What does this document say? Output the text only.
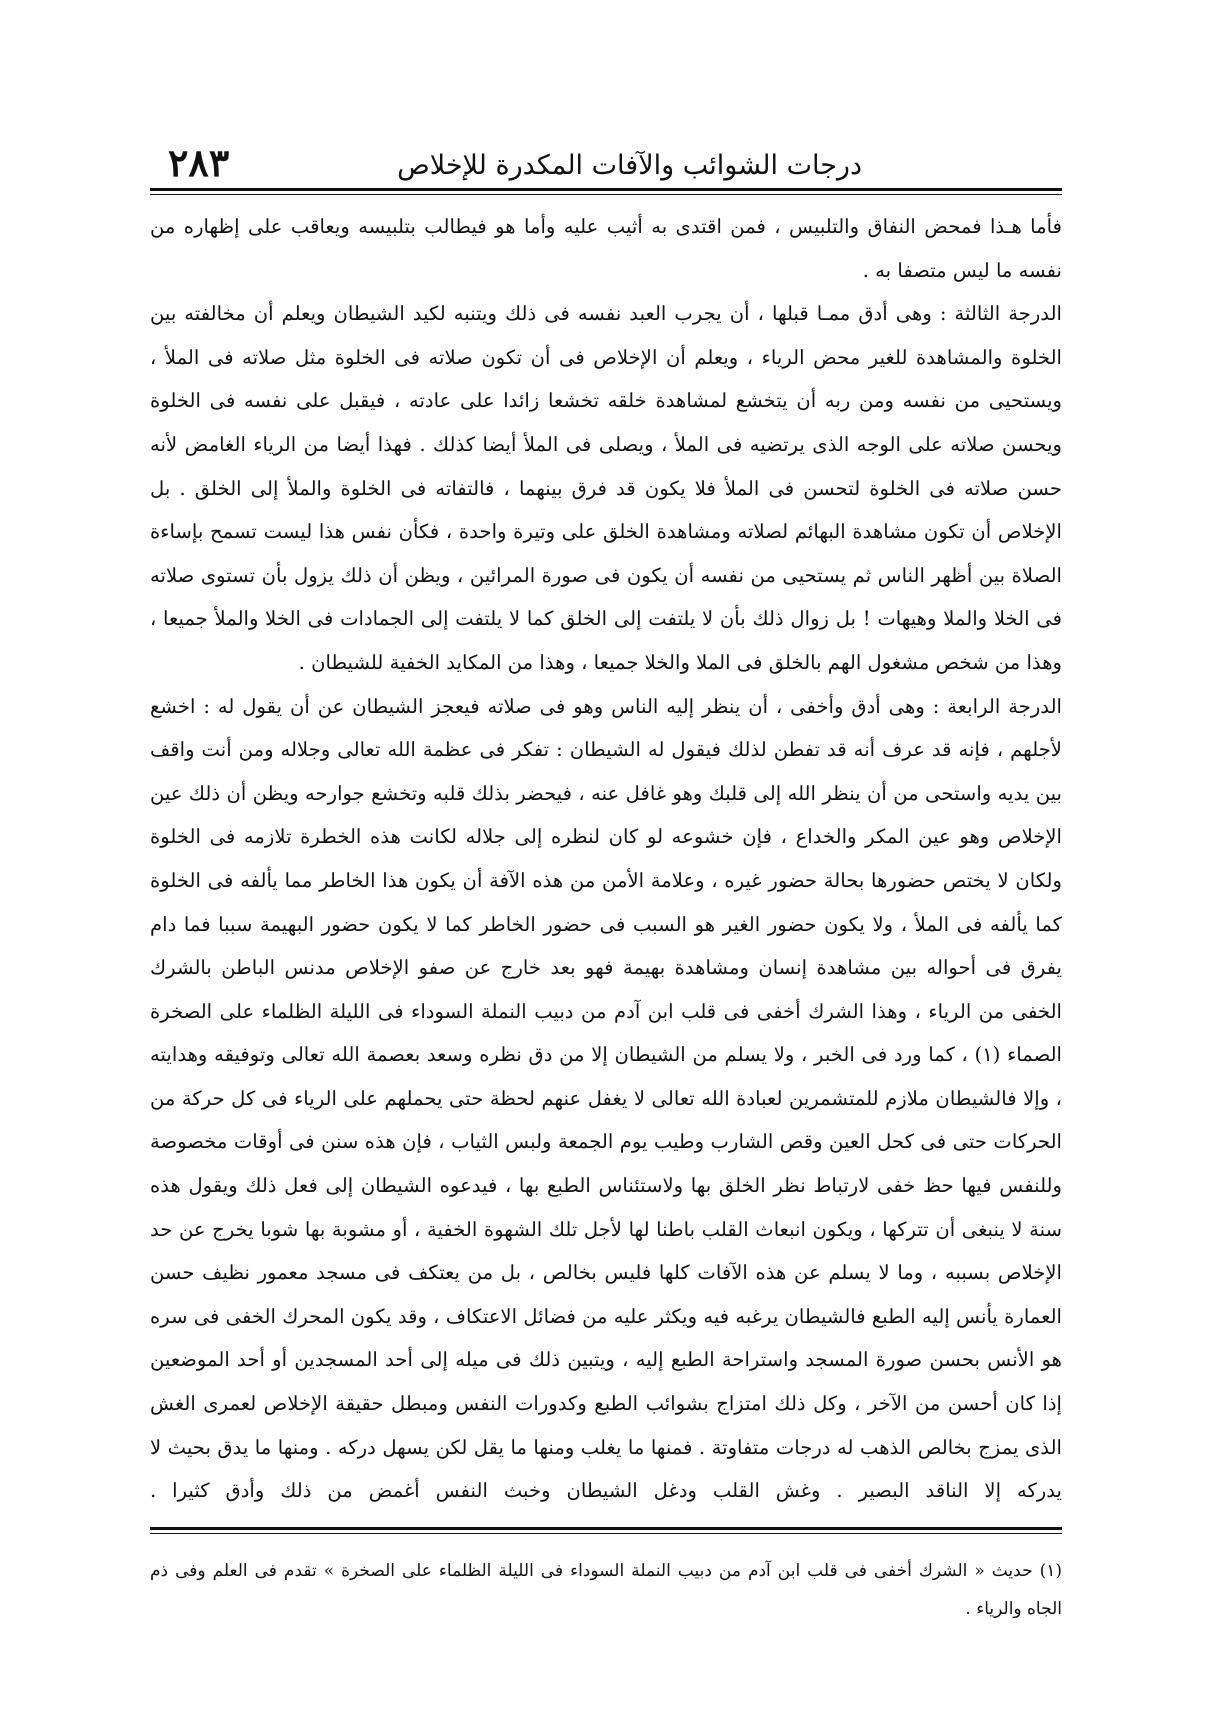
درجات الشوائب والآفات المكدرة للإخلاص
٢٨٣

فأما هـذا فمحض النفاق والتلبيس ، فمن اقتدى به أثيب عليه وأما هو فيطالب بتلبيسه ويعاقب على إظهاره من نفسه ما ليس متصفا به .

الدرجة الثالثة : وهى أدق ممـا قبلها ، أن يجرب العبد نفسه فى ذلك ويتنبه لكيد الشيطان ويعلم أن مخالفته بين الخلوة والمشاهدة للغير محض الرياء ، ويعلم أن الإخلاص فى أن تكون صلاته فى الخلوة مثل صلاته فى الملأ ، ويستحيى من نفسه ومن ربه أن يتخشع لمشاهدة خلقه تخشعا زائدا على عادته ، فيقبل على نفسه فى الخلوة ويحسن صلاته على الوجه الذى يرتضيه فى الملأ ، ويصلى فى الملأ أيضا كذلك . فهذا أيضا من الرياء الغامض لأنه حسن صلاته فى الخلوة لتحسن فى الملأ فلا يكون قد فرق بينهما ، فالتفاته فى الخلوة والملأ إلى الخلق . بل الإخلاص أن تكون مشاهدة البهائم لصلاته ومشاهدة الخلق على وتيرة واحدة ، فكأن نفس هذا ليست تسمح بإساءة الصلاة بين أظهر الناس ثم يستحيى من نفسه أن يكون فى صورة المرائين ، ويظن أن ذلك يزول بأن تستوى صلاته فى الخلا والملا وهيهات ! بل زوال ذلك بأن لا يلتفت إلى الخلق كما لا يلتفت إلى الجمادات فى الخلا والملأ جميعا ، وهذا من شخص مشغول الهم بالخلق فى الملا والخلا جميعا ، وهذا من المكايد الخفية للشيطان .

الدرجة الرابعة : وهى أدق وأخفى ، أن ينظر إليه الناس وهو فى صلاته فيعجز الشيطان عن أن يقول له : اخشع لأجلهم ، فإنه قد عرف أنه قد تفطن لذلك فيقول له الشيطان : تفكر فى عظمة الله تعالى وجلاله ومن أنت واقف بين يديه واستحى من أن ينظر الله إلى قلبك وهو غافل عنه ، فيحضر بذلك قلبه وتخشع جوارحه ويظن أن ذلك عين الإخلاص وهو عين المكر والخداع ، فإن خشوعه لو كان لنظره إلى جلاله لكانت هذه الخطرة تلازمه فى الخلوة ولكان لا يختص حضورها بحالة حضور غيره ، وعلامة الأمن من هذه الآفة أن يكون هذا الخاطر مما يألفه فى الخلوة كما يألفه فى الملأ ، ولا يكون حضور الغير هو السبب فى حضور الخاطر كما لا يكون حضور البهيمة سببا فما دام يفرق فى أحواله بين مشاهدة إنسان ومشاهدة بهيمة فهو بعد خارج عن صفو الإخلاص مدنس الباطن بالشرك الخفى من الرياء ، وهذا الشرك أخفى فى قلب ابن آدم من دبيب النملة السوداء فى الليلة الظلماء على الصخرة الصماء (١) ، كما ورد فى الخبر ، ولا يسلم من الشيطان إلا من دق نظره وسعد بعصمة الله تعالى وتوفيقه وهدايته ، وإلا فالشيطان ملازم للمتشمرين لعبادة الله تعالى لا يغفل عنهم لحظة حتى يحملهم على الرياء فى كل حركة من الحركات حتى فى كحل العين وقص الشارب وطيب يوم الجمعة ولبس الثياب ، فإن هذه سنن فى أوقات مخصوصة وللنفس فيها حظ خفى لارتباط نظر الخلق بها ولاستئناس الطبع بها ، فيدعوه الشيطان إلى فعل ذلك ويقول هذه سنة لا ينبغى أن تتركها ، ويكون انبعاث القلب باطنا لها لأجل تلك الشهوة الخفية ، أو مشوبة بها شوبا يخرج عن حد الإخلاص بسببه ، وما لا يسلم عن هذه الآفات كلها فليس بخالص ، بل من يعتكف فى مسجد معمور نظيف حسن العمارة يأنس إليه الطبع فالشيطان يرغبه فيه ويكثر عليه من فضائل الاعتكاف ، وقد يكون المحرك الخفى فى سره هو الأنس بحسن صورة المسجد واستراحة الطبع إليه ، ويتبين ذلك فى ميله إلى أحد المسجدين أو أحد الموضعين إذا كان أحسن من الآخر ، وكل ذلك امتزاج بشوائب الطبع وكدورات النفس ومبطل حقيقة الإخلاص لعمرى الغش الذى يمزج بخالص الذهب له درجات متفاوتة . فمنها ما يغلب ومنها ما يقل لكن يسهل دركه . ومنها ما يدق بحيث لا يدركه إلا الناقد البصير . وغش القلب ودغل الشيطان وخبث النفس أغمض من ذلك وأدق كثيرا .

(١) حديث « الشرك أخفى فى قلب ابن آدم من دبيب النملة السوداء فى الليلة الظلماء على الصخرة » تقدم فى العلم وفى ذم الجاه والرياء .
